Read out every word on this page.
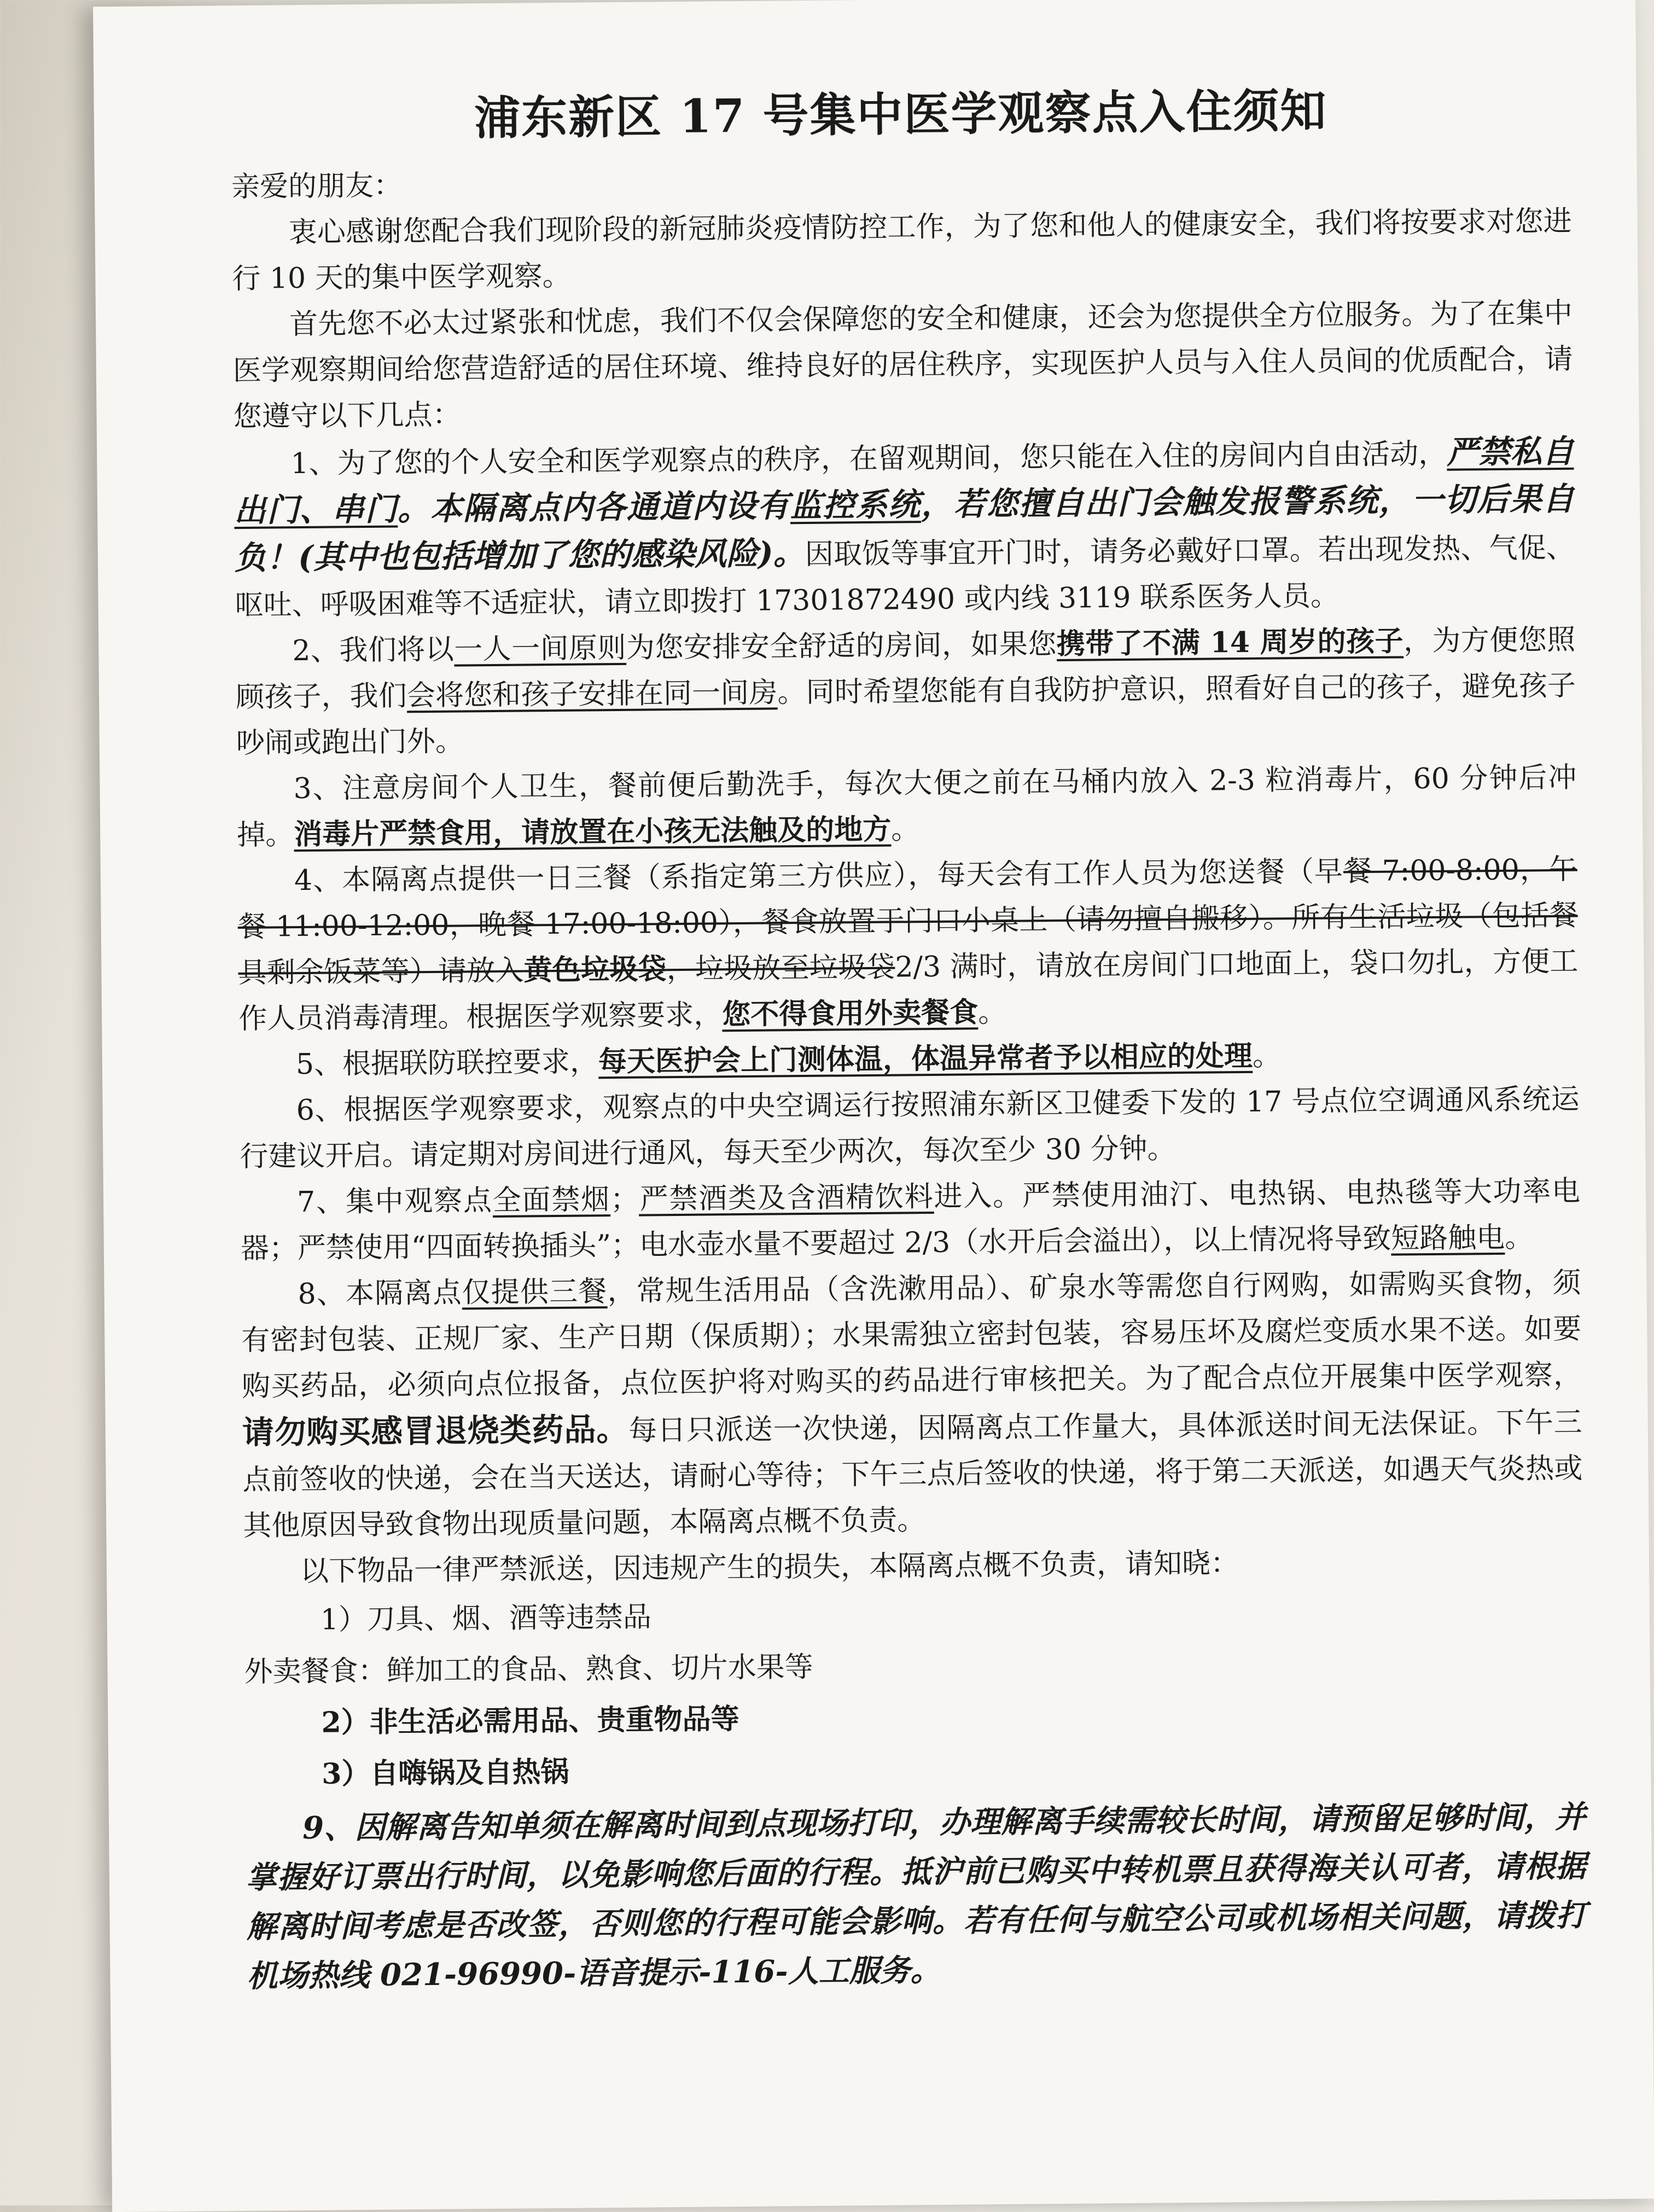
浦东新区 17 号集中医学观察点入住须知

亲爱的朋友：

衷心感谢您配合我们现阶段的新冠肺炎疫情防控工作，为了您和他人的健康安全，我们将按要求对您进行 10 天的集中医学观察。

首先您不必太过紧张和忧虑，我们不仅会保障您的安全和健康，还会为您提供全方位服务。为了在集中医学观察期间给您营造舒适的居住环境、维持良好的居住秩序，实现医护人员与入住人员间的优质配合，请您遵守以下几点：

1、为了您的个人安全和医学观察点的秩序，在留观期间，您只能在入住的房间内自由活动，严禁私自出门、串门。本隔离点内各通道内设有监控系统，若您擅自出门会触发报警系统，一切后果自负！(其中也包括增加了您的感染风险)。因取饭等事宜开门时，请务必戴好口罩。若出现发热、气促、呕吐、呼吸困难等不适症状，请立即拨打 17301872490 或内线 3119 联系医务人员。

2、我们将以一人一间原则为您安排安全舒适的房间，如果您携带了不满 14 周岁的孩子，为方便您照顾孩子，我们会将您和孩子安排在同一间房。同时希望您能有自我防护意识，照看好自己的孩子，避免孩子吵闹或跑出门外。

3、注意房间个人卫生，餐前便后勤洗手，每次大便之前在马桶内放入 2-3 粒消毒片，60 分钟后冲掉。消毒片严禁食用，请放置在小孩无法触及的地方。

4、本隔离点提供一日三餐（系指定第三方供应），每天会有工作人员为您送餐（早餐 7:00-8:00，午餐 11:00-12:00，晚餐 17:00-18:00），餐食放置于门口小桌上（请勿擅自搬移）。所有生活垃圾（包括餐具剩余饭菜等）请放入黄色垃圾袋，垃圾放至垃圾袋2/3 满时，请放在房间门口地面上，袋口勿扎，方便工作人员消毒清理。根据医学观察要求，您不得食用外卖餐食。

5、根据联防联控要求，每天医护会上门测体温，体温异常者予以相应的处理。

6、根据医学观察要求，观察点的中央空调运行按照浦东新区卫健委下发的 17 号点位空调通风系统运行建议开启。请定期对房间进行通风，每天至少两次，每次至少 30 分钟。

7、集中观察点全面禁烟；严禁酒类及含酒精饮料进入。严禁使用油汀、电热锅、电热毯等大功率电器；严禁使用“四面转换插头”；电水壶水量不要超过 2/3（水开后会溢出），以上情况将导致短路触电。

8、本隔离点仅提供三餐，常规生活用品（含洗漱用品）、矿泉水等需您自行网购，如需购买食物，须有密封包装、正规厂家、生产日期（保质期）；水果需独立密封包装，容易压坏及腐烂变质水果不送。如要购买药品，必须向点位报备，点位医护将对购买的药品进行审核把关。为了配合点位开展集中医学观察，请勿购买感冒退烧类药品。每日只派送一次快递，因隔离点工作量大，具体派送时间无法保证。下午三点前签收的快递，会在当天送达，请耐心等待；下午三点后签收的快递，将于第二天派送，如遇天气炎热或其他原因导致食物出现质量问题，本隔离点概不负责。

以下物品一律严禁派送，因违规产生的损失，本隔离点概不负责，请知晓：

1）刀具、烟、酒等违禁品

外卖餐食：鲜加工的食品、熟食、切片水果等

2）非生活必需用品、贵重物品等

3）自嗨锅及自热锅

9、因解离告知单须在解离时间到点现场打印，办理解离手续需较长时间，请预留足够时间，并掌握好订票出行时间，以免影响您后面的行程。抵沪前已购买中转机票且获得海关认可者，请根据解离时间考虑是否改签，否则您的行程可能会影响。若有任何与航空公司或机场相关问题，请拨打机场热线 021-96990-语音提示-116-人工服务。
